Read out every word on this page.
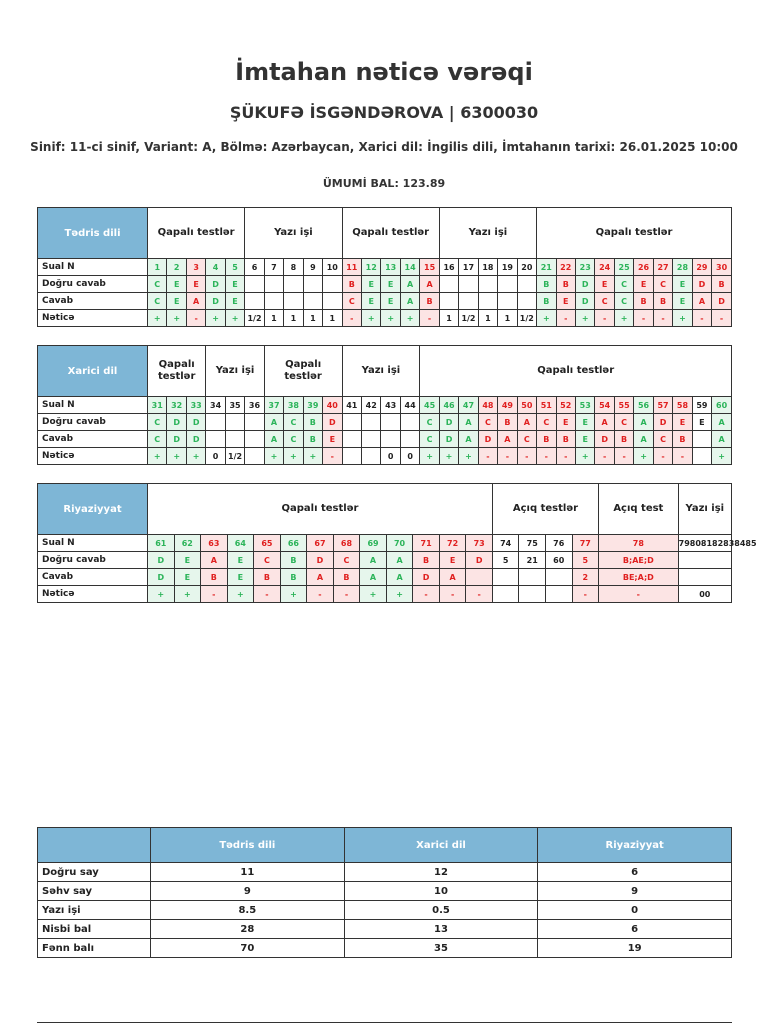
İmtahan nəticə vərəqi
ŞÜKUFƏ İSGƏNDƏROVA | 6300030
Sinif: 11-ci sinif, Variant: A, Bölmə: Azərbaycan, Xarici dil: İngilis dili, İmtahanın tarixi: 26.01.2025 10:00
ÜMUMİ BAL: 123.89
Tədris dili	Qapalı testlər					Yazı işi					Qapalı testlər					Yazı işi					Qapalı testlər									
Sual N	1	2	3	4	5	6	7	8	9	10	11	12	13	14	15	16	17	18	19	20	21	22	23	24	25	26	27	28	29	30
Doğru cavab	C	E	E	D	E						B	E	E	A	A						B	B	D	E	C	E	C	E	D	B
Cavab	C	E	A	D	E						C	E	E	A	B						B	E	D	C	C	B	B	E	A	D
Nəticə	+	+	-	+	+	1/2	1	1	1	1	-	+	+	+	-	1	1/2	1	1	1/2	+	-	+	-	+	-	-	+	-	-
Xarici dil	Qapalı testlər			Yazı işi			Qapalı testlər				Yazı işi				Qapalı testlər															
Sual N	31	32	33	34	35	36	37	38	39	40	41	42	43	44	45	46	47	48	49	50	51	52	53	54	55	56	57	58	59	60
Doğru cavab	C	D	D				A	C	B	D					C	D	A	C	B	A	C	E	E	A	C	A	D	E	E	A
Cavab	C	D	D				A	C	B	E					C	D	A	D	A	C	B	B	E	D	B	A	C	B		A
Nəticə	+	+	+	0	1/2		+	+	+	-			0	0	+	+	+	-	-	-	-	-	+	-	-	+	-	-		+
Riyaziyyat	Qapalı testlər													Açıq testlər				Açıq test	Yazı işi
Sual N	61	62	63	64	65	66	67	68	69	70	71	72	73	74	75	76	77	78	79808182838485
Doğru cavab	D	E	A	E	C	B	D	C	A	A	B	E	D	5	21	60	5	B;AE;D	
Cavab	D	E	B	E	B	B	A	B	A	A	D	A					2	BE;A;D	
Nəticə	+	+	-	+	-	+	-	-	+	+	-	-	-				-	-	00
	Tədris dili	Xarici dil	Riyaziyyat
Doğru say	11	12	6
Səhv say	9	10	9
Yazı işi	8.5	0.5	0
Nisbi bal	28	13	6
Fənn balı	70	35	19
